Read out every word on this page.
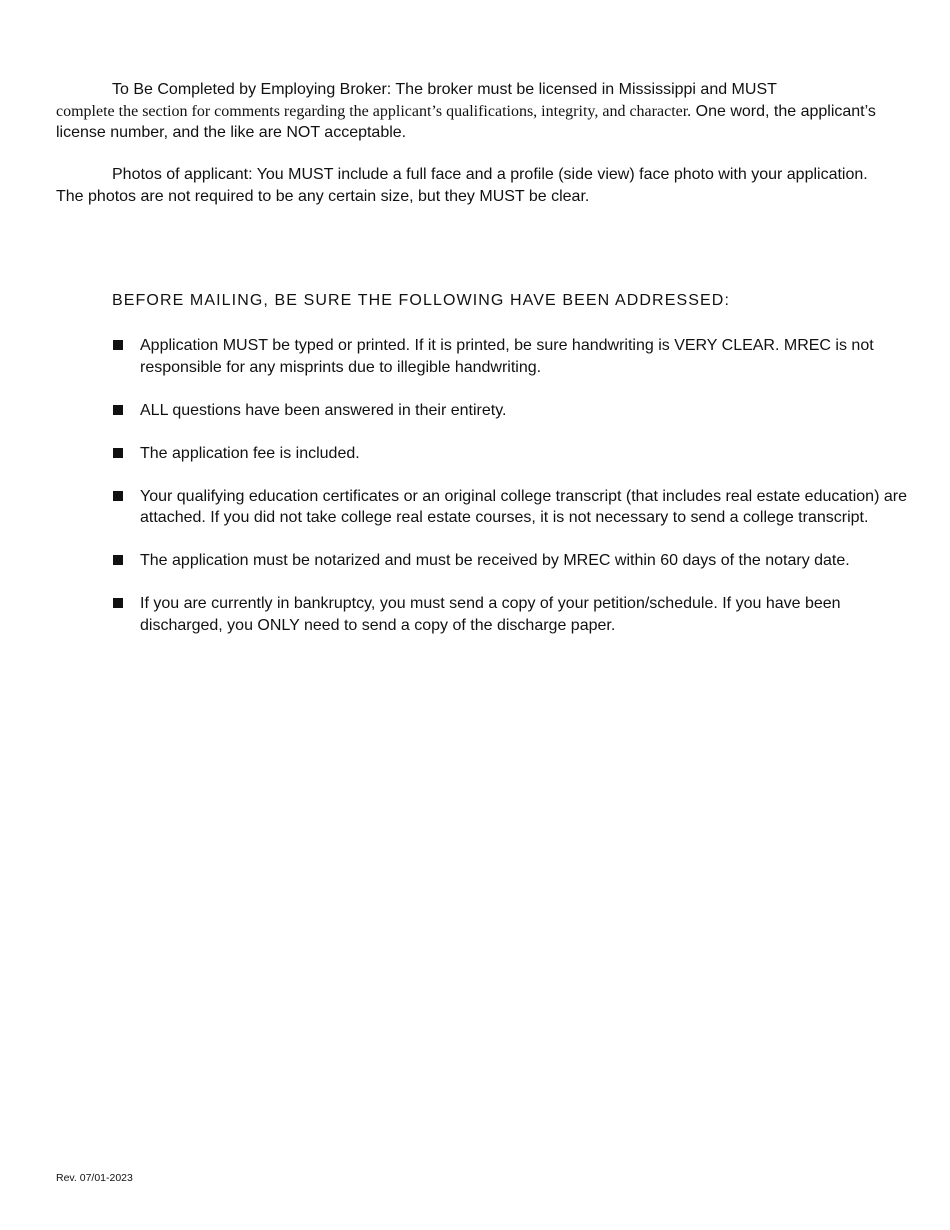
To Be Completed by Employing Broker: The broker must be licensed in Mississippi and MUST
complete the section for comments regarding the applicant’s qualifications, integrity, and character. One word, the applicant’s license number, and the like are NOT acceptable.

Photos of applicant: You MUST include a full face and a profile (side view) face photo with your application. The photos are not required to be any certain size, but they MUST be clear.

BEFORE MAILING, BE SURE THE FOLLOWING HAVE BEEN ADDRESSED:

Application MUST be typed or printed. If it is printed, be sure handwriting is VERY CLEAR. MREC is not responsible for any misprints due to illegible handwriting.
ALL questions have been answered in their entirety.
The application fee is included.
Your qualifying education certificates or an original college transcript (that includes real estate education) are attached. If you did not take college real estate courses, it is not necessary to send a college transcript.
The application must be notarized and must be received by MREC within 60 days of the notary date.
If you are currently in bankruptcy, you must send a copy of your petition/schedule. If you have been discharged, you ONLY need to send a copy of the discharge paper.

Rev. 07/01-2023
